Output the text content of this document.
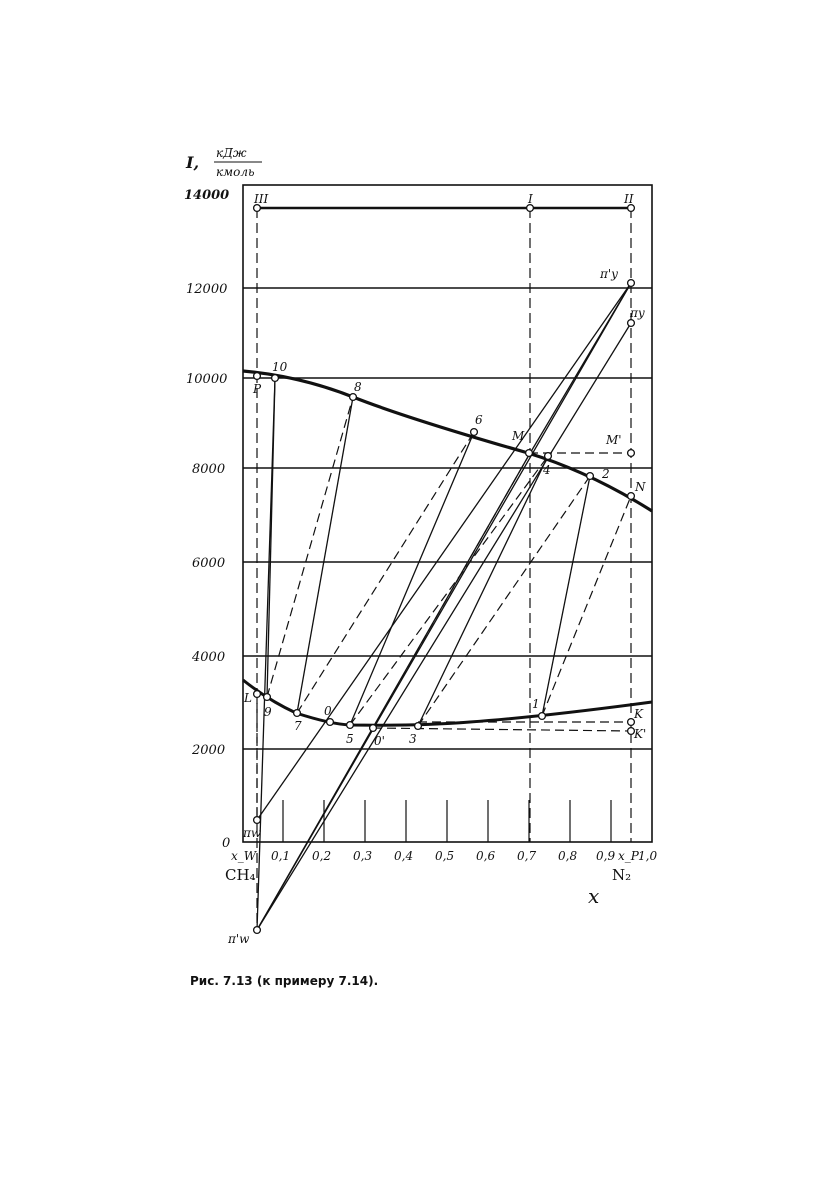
I, кДж
кмоль
0
2000
4000
6000
8000
10000
12000
14000
0,1 0,2 0,3 0,4 0,5 0,6 0,7 0,8 0,9 1,0
x_W	x_P
CH₄	N₂
x
III	I	II
π'у
πу
P
10
8
6
M
4
M'
2
N
L
9
7
0
5 0' 3
1
K
K'
πw
π'w
Рис. 7.13 (к примеру 7.14).
